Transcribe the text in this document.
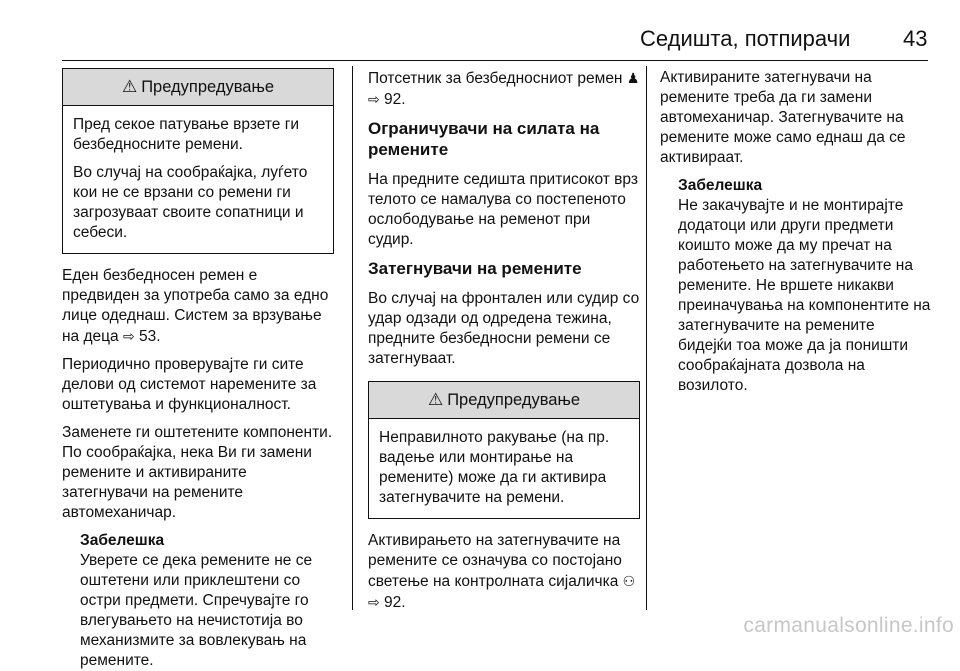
Седишта, потпирачи 43
⚠ Предупредување

Пред секое патување врзете ги безбедносните ремени.

Во случај на сообраќајка, луѓето кои не се врзани со ремени ги загрозуваат своите сопатници и себеси.

Еден безбедносен ремен е предвиден за употреба само за едно лице одеднаш. Систем за врзување на деца ⇨ 53.

Периодично проверувајте ги сите делови од системот наремените за оштетувања и функционалност.

Заменете ги оштетените компоненти. По сообраќајка, нека Ви ги замени ремените и активираните затегнувачи на ремените автомеханичар.

Забелешка

Уверете се дека ремените не се оштетени или приклештени со остри предмети. Спречувајте го влегувањето на нечистотија во механизмите за вовлекувањ на ремените.

Потсетник за безбедносниот ремен ♟ ⇨ 92.

Ограничувачи на силата на ремените

На предните седишта притисокот врз телото се намалува со постепеното ослободување на ременот при судир.

Затегнувачи на ремените

Во случај на фронтален или судир со удар одзади од одредена тежина, предните безбедносни ремени се затегнуваат.

⚠ Предупредување

Неправилното ракување (на пр. вадење или монтирање на ремените) може да ги активира затегнувачите на ремени.

Активирањето на затегнувачите на ремените се означува со постојано светење на контролната сијаличка ⚇ ⇨ 92.

Активираните затегнувачи на ремените треба да ги замени автомеханичар. Затегнувачите на ремените може само еднаш да се активираат.

Забелешка

Не закачувајте и не монтирајте додатоци или други предмети коишто може да му пречат на работењето на затегнувачите на ремените. Не вршете никакви преиначувања на компонентите на затегнувачите на ремените бидејќи тоа може да ја поништи сообраќајната дозвола на возилото.

carmanualsonline.info
